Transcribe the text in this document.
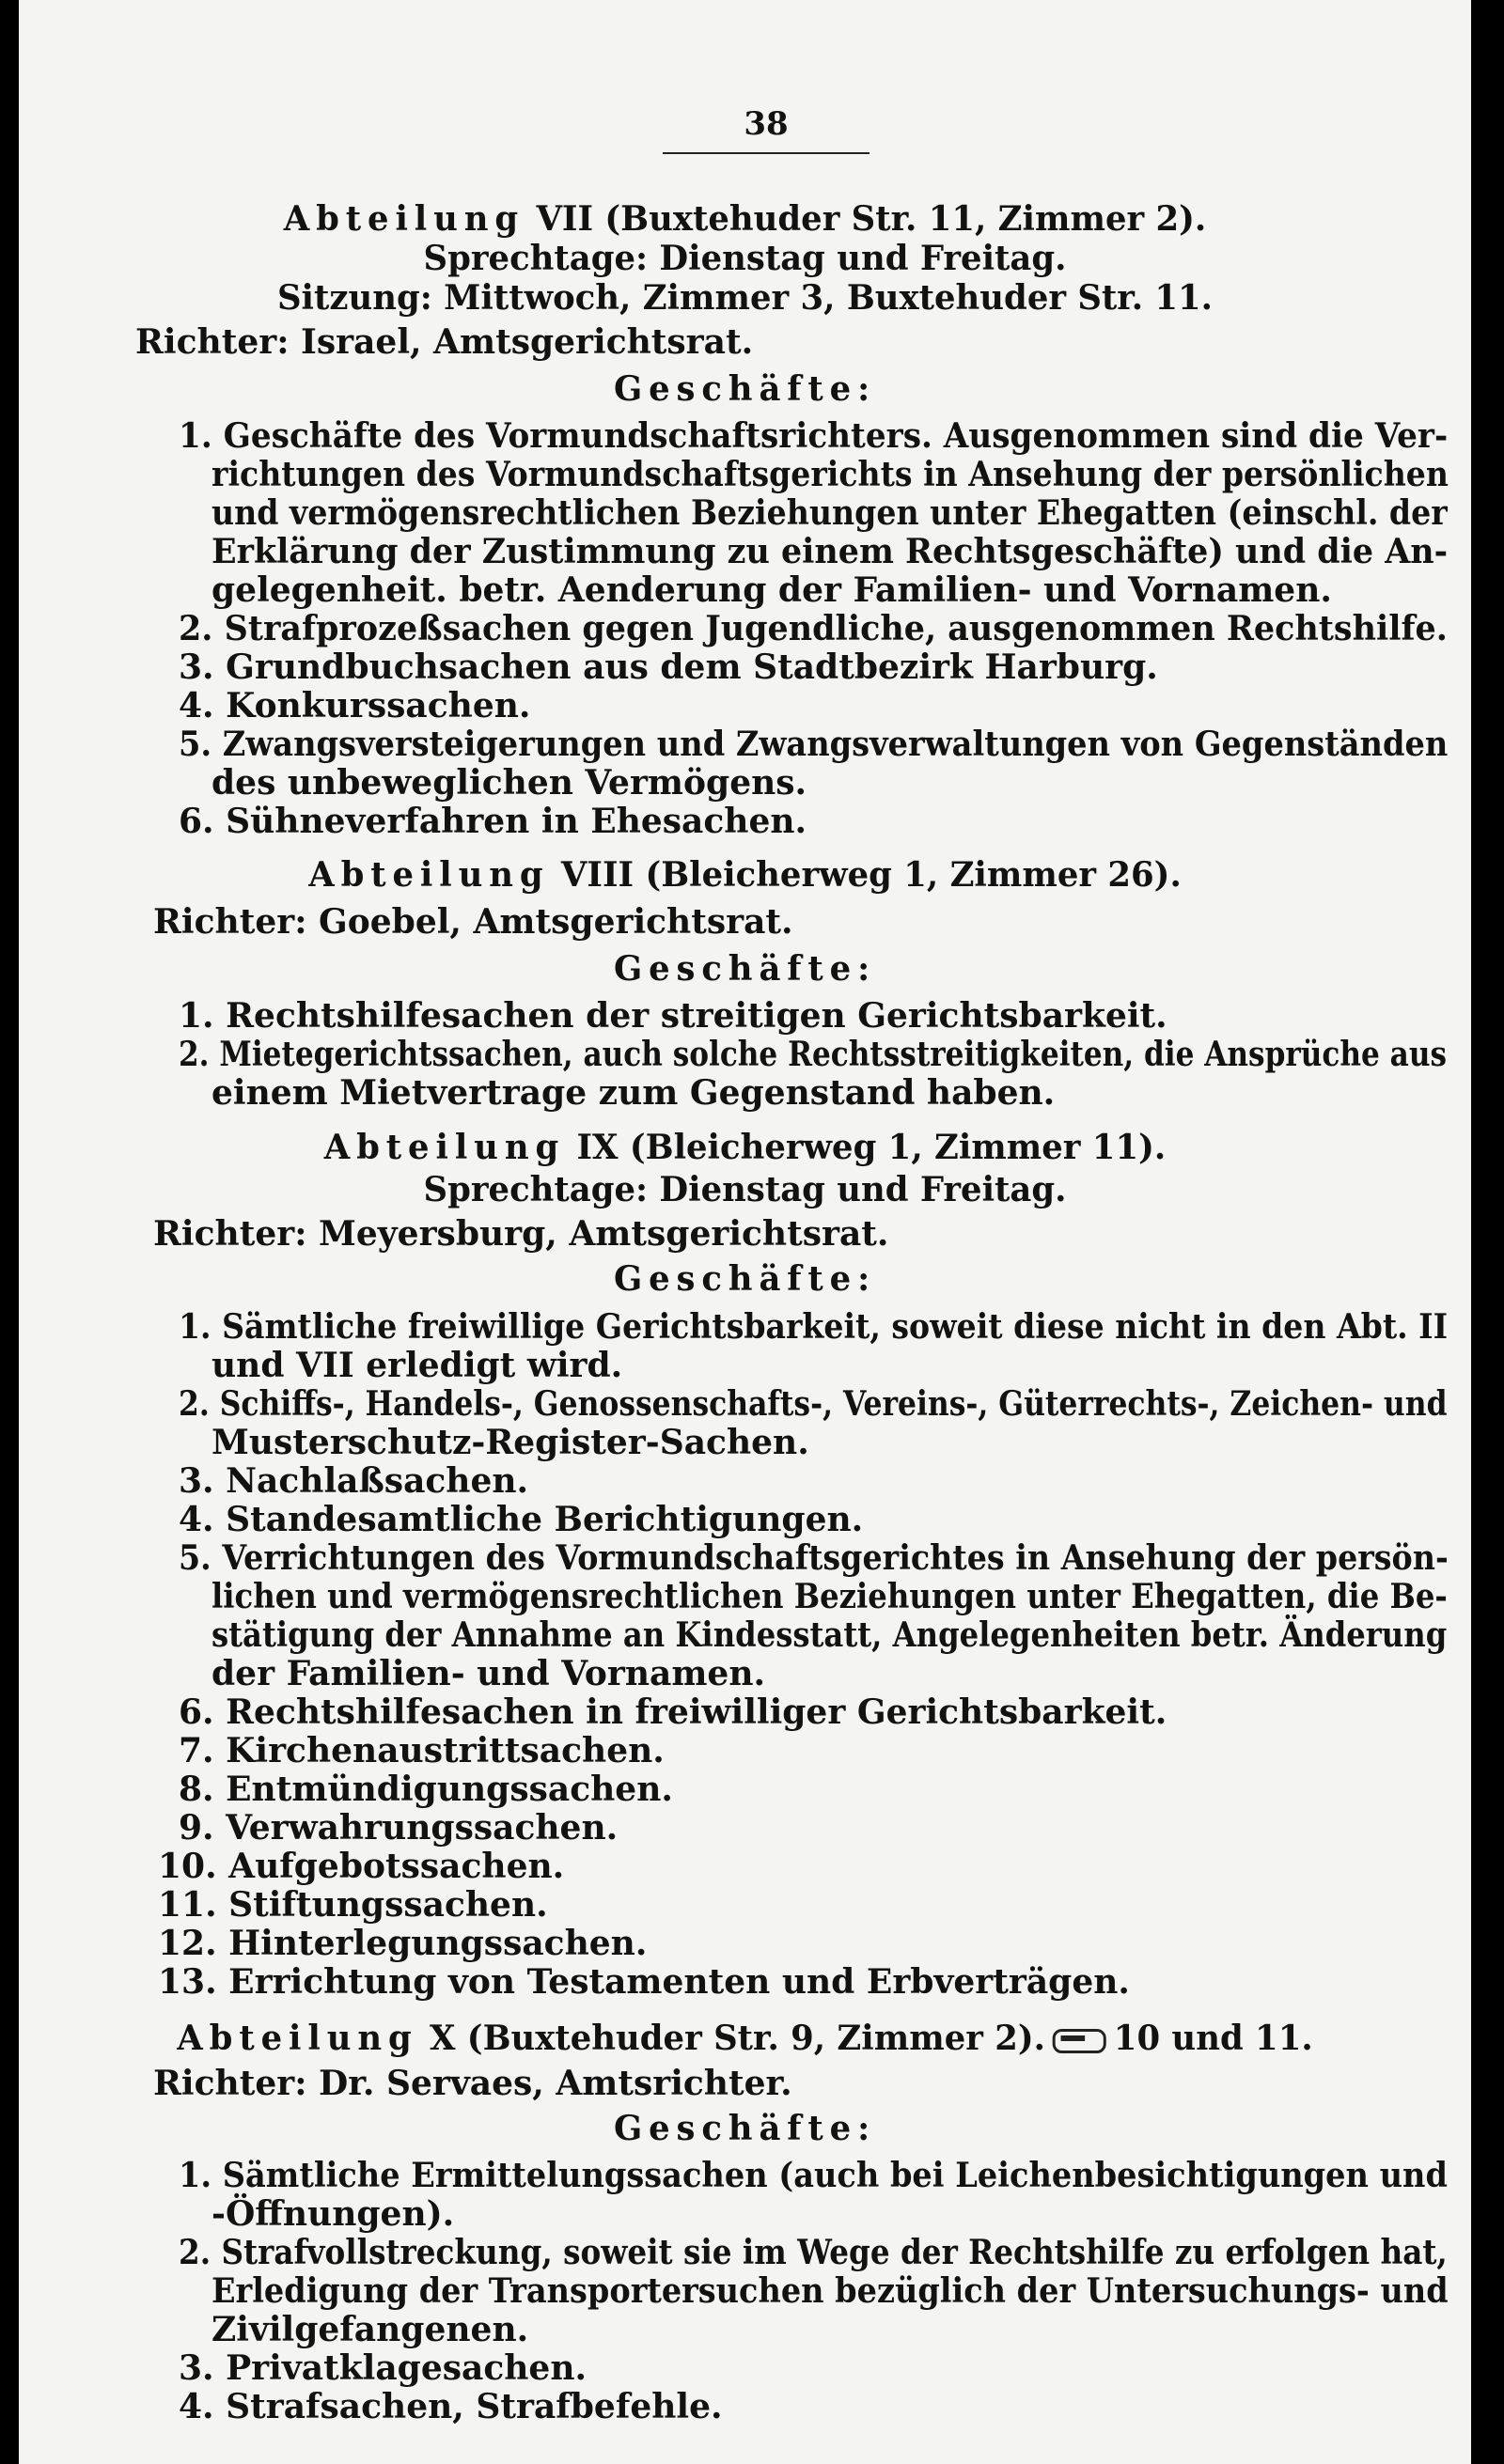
38
Abteilung VII (Buxtehuder Str. 11, Zimmer 2).
Sprechtage: Dienstag und Freitag.
Sitzung: Mittwoch, Zimmer 3, Buxtehuder Str. 11.
Richter: Israel, Amtsgerichtsrat.
Geschäfte:
1. Geschäfte des Vormundschaftsrichters. Ausgenommen sind die Ver-
richtungen des Vormundschaftsgerichts in Ansehung der persönlichen
und vermögensrechtlichen Beziehungen unter Ehegatten (einschl. der
Erklärung der Zustimmung zu einem Rechtsgeschäfte) und die An-
gelegenheit. betr. Aenderung der Familien- und Vornamen.
2. Strafprozeßsachen gegen Jugendliche, ausgenommen Rechtshilfe.
3. Grundbuchsachen aus dem Stadtbezirk Harburg.
4. Konkurssachen.
5. Zwangsversteigerungen und Zwangsverwaltungen von Gegenständen
des unbeweglichen Vermögens.
6. Sühneverfahren in Ehesachen.
Abteilung VIII (Bleicherweg 1, Zimmer 26).
Richter: Goebel, Amtsgerichtsrat.
Geschäfte:
1. Rechtshilfesachen der streitigen Gerichtsbarkeit.
2. Mietegerichtssachen, auch solche Rechtsstreitigkeiten, die Ansprüche aus
einem Mietvertrage zum Gegenstand haben.
Abteilung IX (Bleicherweg 1, Zimmer 11).
Sprechtage: Dienstag und Freitag.
Richter: Meyersburg, Amtsgerichtsrat.
Geschäfte:
1. Sämtliche freiwillige Gerichtsbarkeit, soweit diese nicht in den Abt. II
und VII erledigt wird.
2. Schiffs-, Handels-, Genossenschafts-, Vereins-, Güterrechts-, Zeichen- und
Musterschutz-Register-Sachen.
3. Nachlaßsachen.
4. Standesamtliche Berichtigungen.
5. Verrichtungen des Vormundschaftsgerichtes in Ansehung der persön-
lichen und vermögensrechtlichen Beziehungen unter Ehegatten, die Be-
stätigung der Annahme an Kindesstatt, Angelegenheiten betr. Änderung
der Familien- und Vornamen.
6. Rechtshilfesachen in freiwilliger Gerichtsbarkeit.
7. Kirchenaustrittsachen.
8. Entmündigungssachen.
9. Verwahrungssachen.
10. Aufgebotssachen.
11. Stiftungssachen.
12. Hinterlegungssachen.
13. Errichtung von Testamenten und Erbverträgen.
Abteilung X (Buxtehuder Str. 9, Zimmer 2). 10 und 11.
Richter: Dr. Servaes, Amtsrichter.
Geschäfte:
1. Sämtliche Ermittelungssachen (auch bei Leichenbesichtigungen und
-Öffnungen).
2. Strafvollstreckung, soweit sie im Wege der Rechtshilfe zu erfolgen hat,
Erledigung der Transportersuchen bezüglich der Untersuchungs- und
Zivilgefangenen.
3. Privatklagesachen.
4. Strafsachen, Strafbefehle.
